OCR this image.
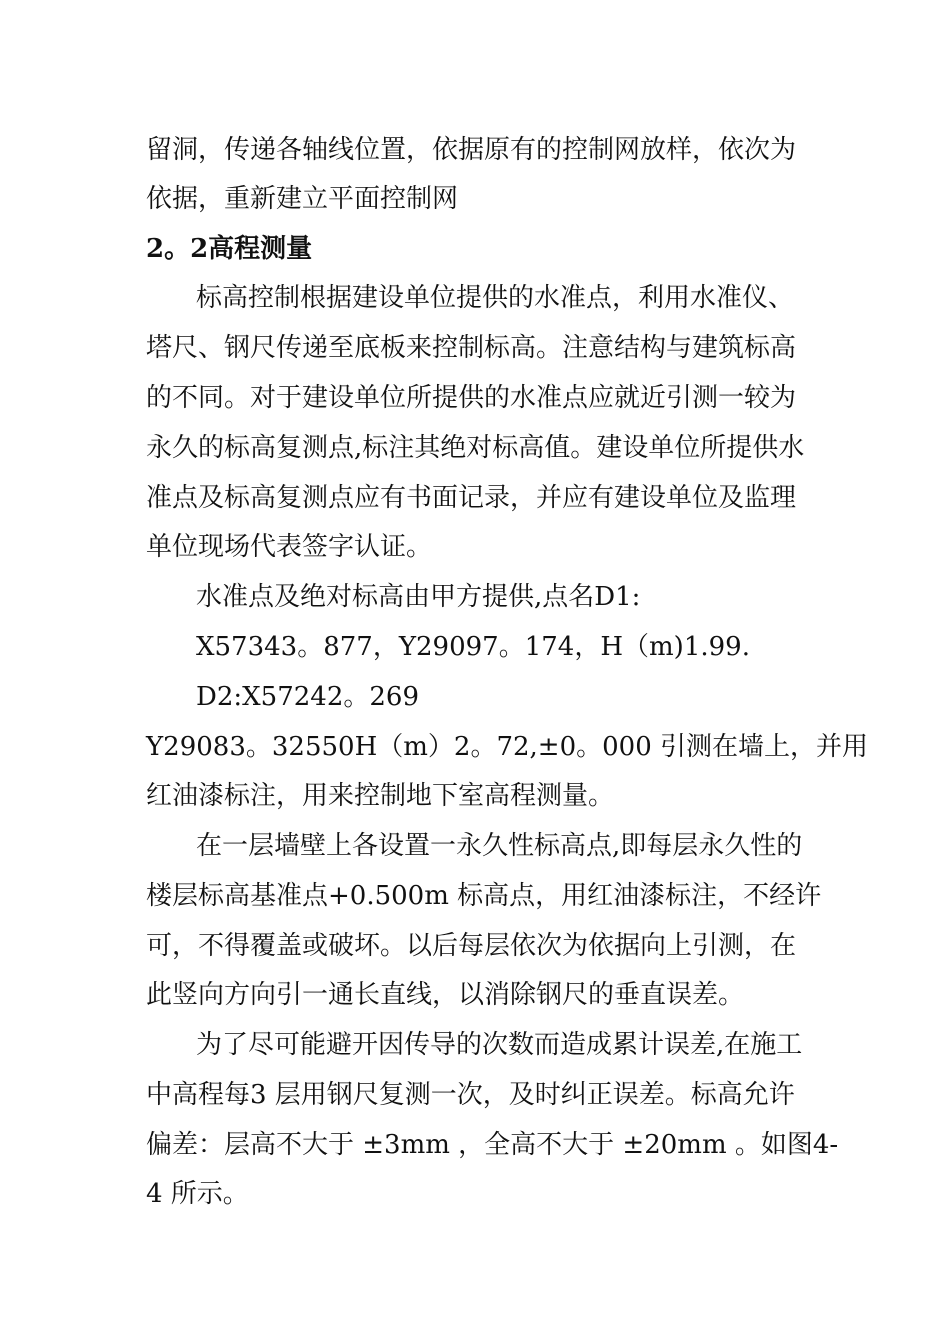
留洞，传递各轴线位置，依据原有的控制网放样，依次为
依据，重新建立平面控制网
2。2高程测量
标高控制根据建设单位提供的水准点，利用水准仪、
塔尺、钢尺传递至底板来控制标高。注意结构与建筑标高
的不同。对于建设单位所提供的水准点应就近引测一较为
永久的标高复测点,标注其绝对标高值。建设单位所提供水
准点及标高复测点应有书面记录，并应有建设单位及监理
单位现场代表签字认证。
水准点及绝对标高由甲方提供,点名D1:
X57343。877，Y29097。174，H（m)1.99.
D2:X57242。269
Y29083。32550H（m）2。72,±0。000 引测在墙上，并用
红油漆标注，用来控制地下室高程测量。
在一层墙壁上各设置一永久性标高点,即每层永久性的
楼层标高基准点+0.500m 标高点，用红油漆标注，不经许
可，不得覆盖或破坏。以后每层依次为依据向上引测，在
此竖向方向引一通长直线，以消除钢尺的垂直误差。
为了尽可能避开因传导的次数而造成累计误差,在施工
中高程每3 层用钢尺复测一次，及时纠正误差。标高允许
偏差：层高不大于 ±3mm ，全高不大于 ±20mm 。如图4-
4 所示。
